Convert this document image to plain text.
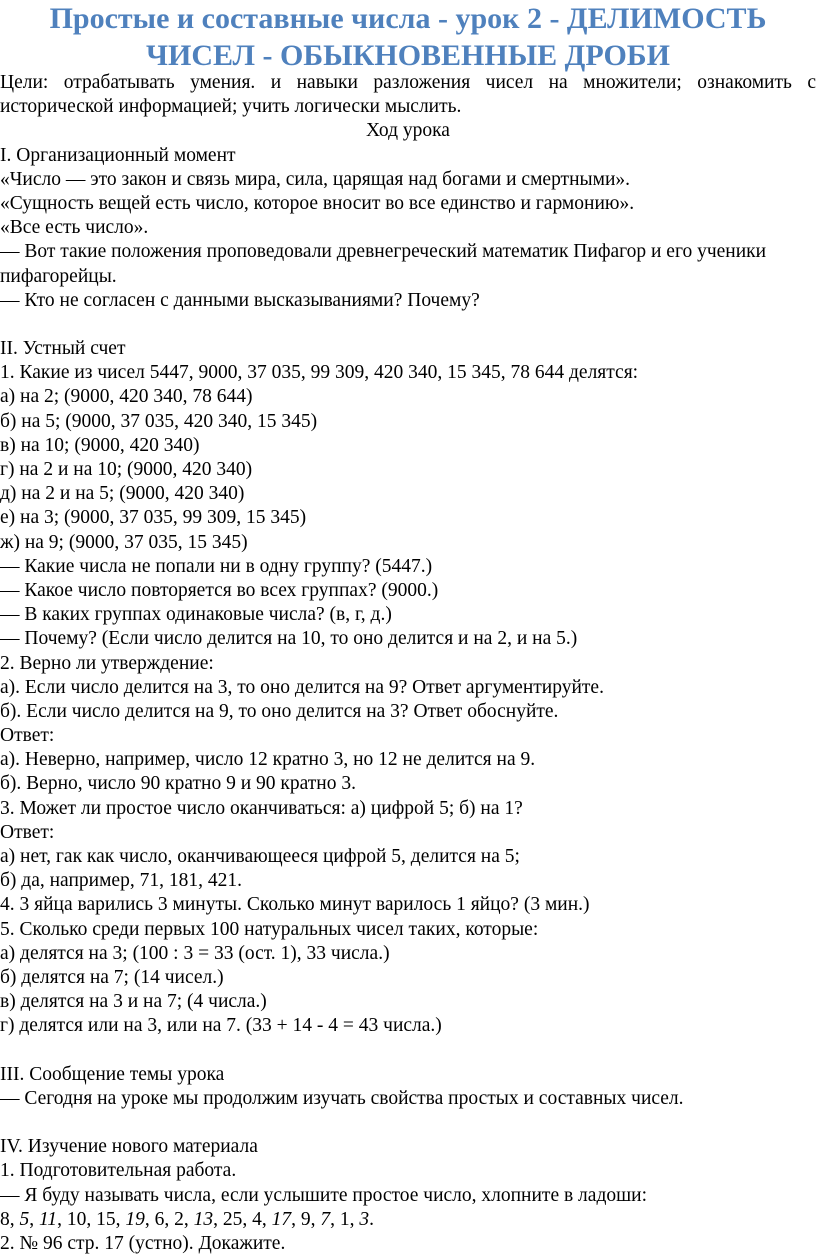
Простые и составные числа - урок 2 - ДЕЛИМОСТЬ
ЧИСЕЛ - ОБЫКНОВЕННЫЕ ДРОБИ
Цели: отрабатывать умения. и навыки разложения чисел на множители; ознакомить с
исторической информацией; учить логически мыслить.
Ход урока
I. Организационный момент
«Число — это закон и связь мира, сила, царящая над богами и смертными».
«Сущность вещей есть число, которое вносит во все единство и гармонию».
«Все есть число».
— Вот такие положения проповедовали древнегреческий математик Пифагор и его ученики
пифагорейцы.
— Кто не согласен с данными высказываниями? Почему?
II. Устный счет
1. Какие из чисел 5447, 9000, 37 035, 99 309, 420 340, 15 345, 78 644 делятся:
а) на 2; (9000, 420 340, 78 644)
б) на 5; (9000, 37 035, 420 340, 15 345)
в) на 10; (9000, 420 340)
г) на 2 и на 10; (9000, 420 340)
д) на 2 и на 5; (9000, 420 340)
е) на 3; (9000, 37 035, 99 309, 15 345)
ж) на 9; (9000, 37 035, 15 345)
— Какие числа не попали ни в одну группу? (5447.)
— Какое число повторяется во всех группах? (9000.)
— В каких группах одинаковые числа? (в, г, д.)
— Почему? (Если число делится на 10, то оно делится и на 2, и на 5.)
2. Верно ли утверждение:
а). Если число делится на 3, то оно делится на 9? Ответ аргументируйте.
б). Если число делится на 9, то оно делится на 3? Ответ обоснуйте.
Ответ:
а). Неверно, например, число 12 кратно 3, но 12 не делится на 9.
б). Верно, число 90 кратно 9 и 90 кратно 3.
3. Может ли простое число оканчиваться: а) цифрой 5; б) на 1?
Ответ:
а) нет, гак как число, оканчивающееся цифрой 5, делится на 5;
б) да, например, 71, 181, 421.
4. 3 яйца варились 3 минуты. Сколько минут варилось 1 яйцо? (3 мин.)
5. Сколько среди первых 100 натуральных чисел таких, которые:
а) делятся на 3; (100 : 3 = 33 (ост. 1), 33 числа.)
б) делятся на 7; (14 чисел.)
в) делятся на 3 и на 7; (4 числа.)
г) делятся или на 3, или на 7. (33 + 14 - 4 = 43 числа.)
III. Сообщение темы урока
— Сегодня на уроке мы продолжим изучать свойства простых и составных чисел.
IV. Изучение нового материала
1. Подготовительная работа.
— Я буду называть числа, если услышите простое число, хлопните в ладоши:
8, 5, 11, 10, 15, 19, 6, 2, 13, 25, 4, 17, 9, 7, 1, 3.
2. № 96 стр. 17 (устно). Докажите.
